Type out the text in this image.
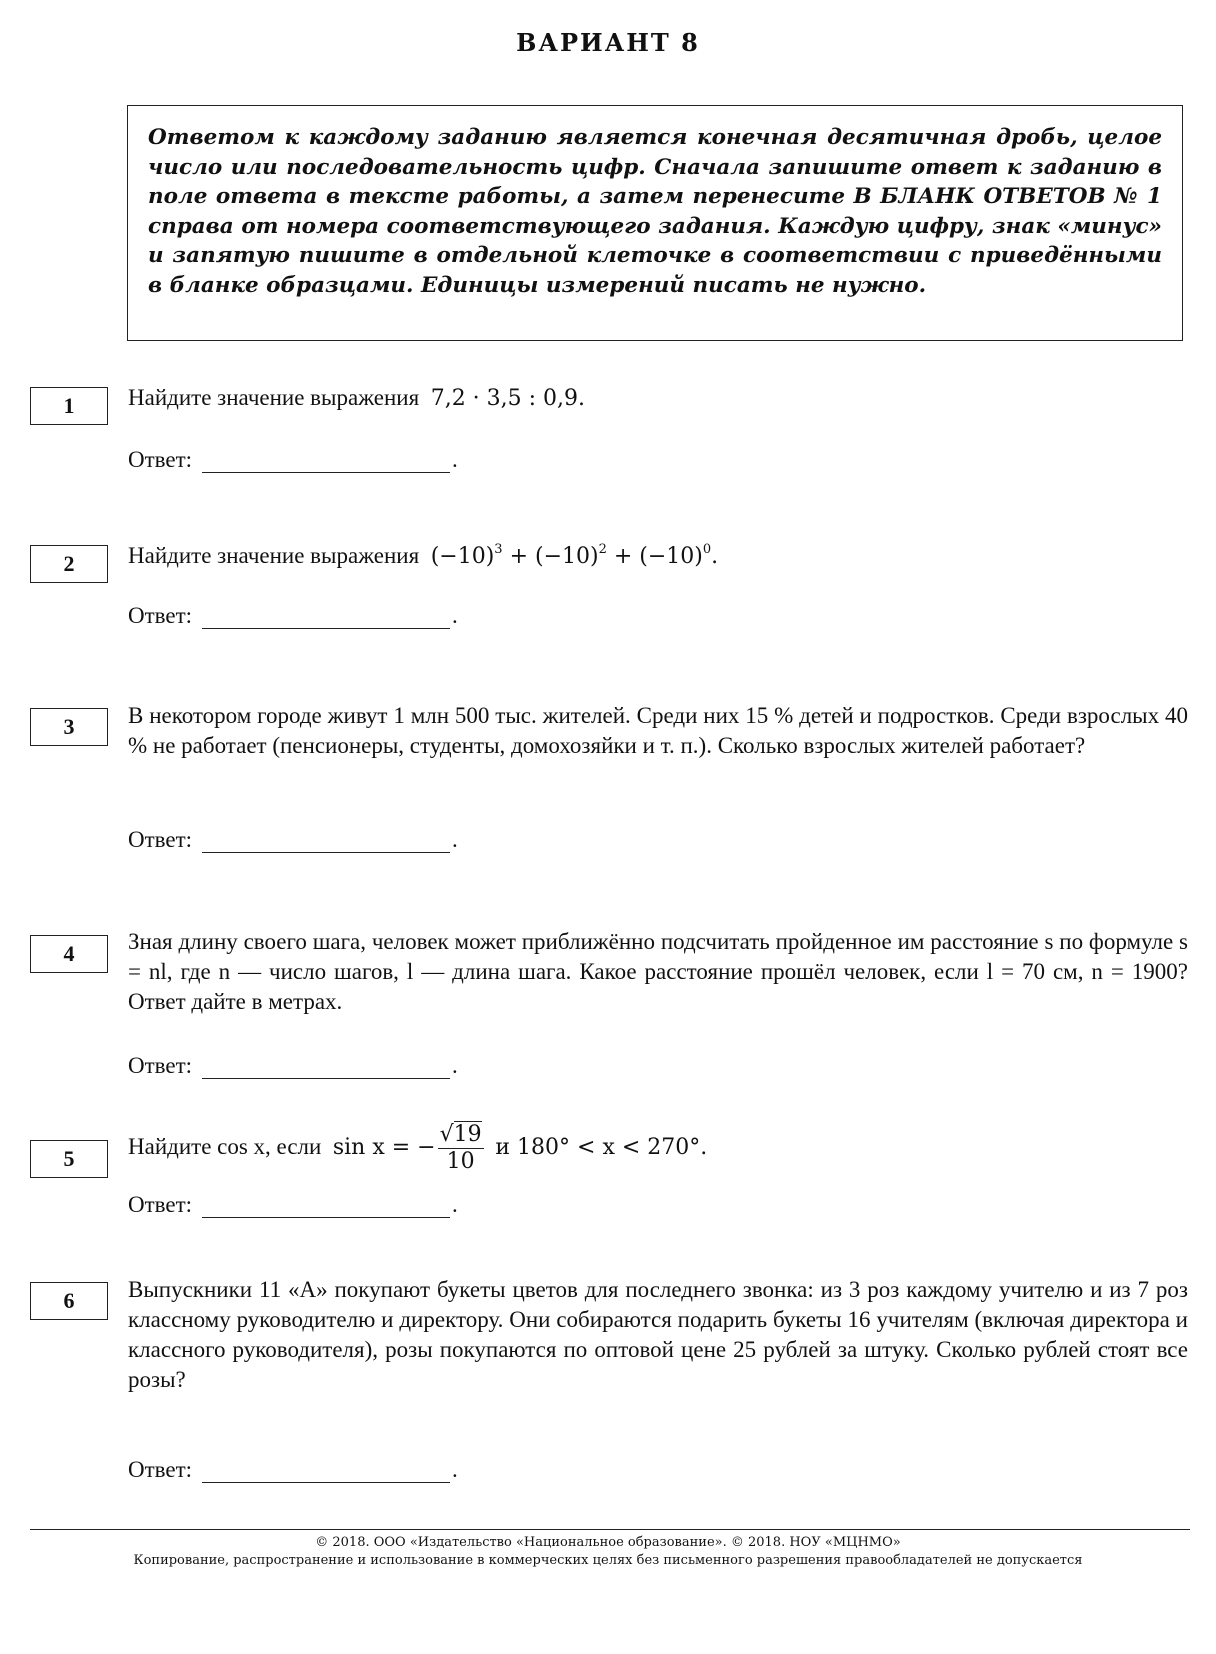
ВАРИАНТ 8
Ответом к каждому заданию является конечная десятичная дробь, целое число или последовательность цифр. Сначала запишите ответ к заданию в поле ответа в тексте работы, а затем перенесите В БЛАНК ОТВЕТОВ № 1 справа от номера соответствующего задания. Каждую цифру, знак «минус» и запятую пишите в отдельной клеточке в соответствии с приведёнными в бланке образцами. Единицы измерений писать не нужно.
1	Найдите значение выражения 7,2 · 3,5 : 0,9.
Ответ:	.
2	Найдите значение выражения $(-10)^3 + (-10)^2 + (-10)^0$.
Ответ:	.
3	В некотором городе живут 1 млн 500 тыс. жителей. Среди них 15 % детей и подростков. Среди взрослых 40 % не работает (пенсионеры, студенты, домохозяйки и т. п.). Сколько взрослых жителей работает?
Ответ:	.
4	Зная длину своего шага, человек может приближённо подсчитать пройденное им расстояние s по формуле s = nl, где n — число шагов, l — длина шага. Какое расстояние прошёл человек, если l = 70 см, n = 1900? Ответ дайте в метрах.
Ответ:	.
5	Найдите cos x, если sin x = − $\frac{√19}{10}$ и 180° < x < 270°.
Ответ:	.
6	Выпускники 11 «А» покупают букеты цветов для последнего звонка: из 3 роз каждому учителю и из 7 роз классному руководителю и директору. Они собираются подарить букеты 16 учителям (включая директора и классного руководителя), розы покупаются по оптовой цене 25 рублей за штуку. Сколько рублей стоят все розы?
Ответ:	.
© 2018. ООО «Издательство «Национальное образование». © 2018. НОУ «МЦНМО»
Копирование, распространение и использование в коммерческих целях без письменного разрешения правообладателей не допускается
